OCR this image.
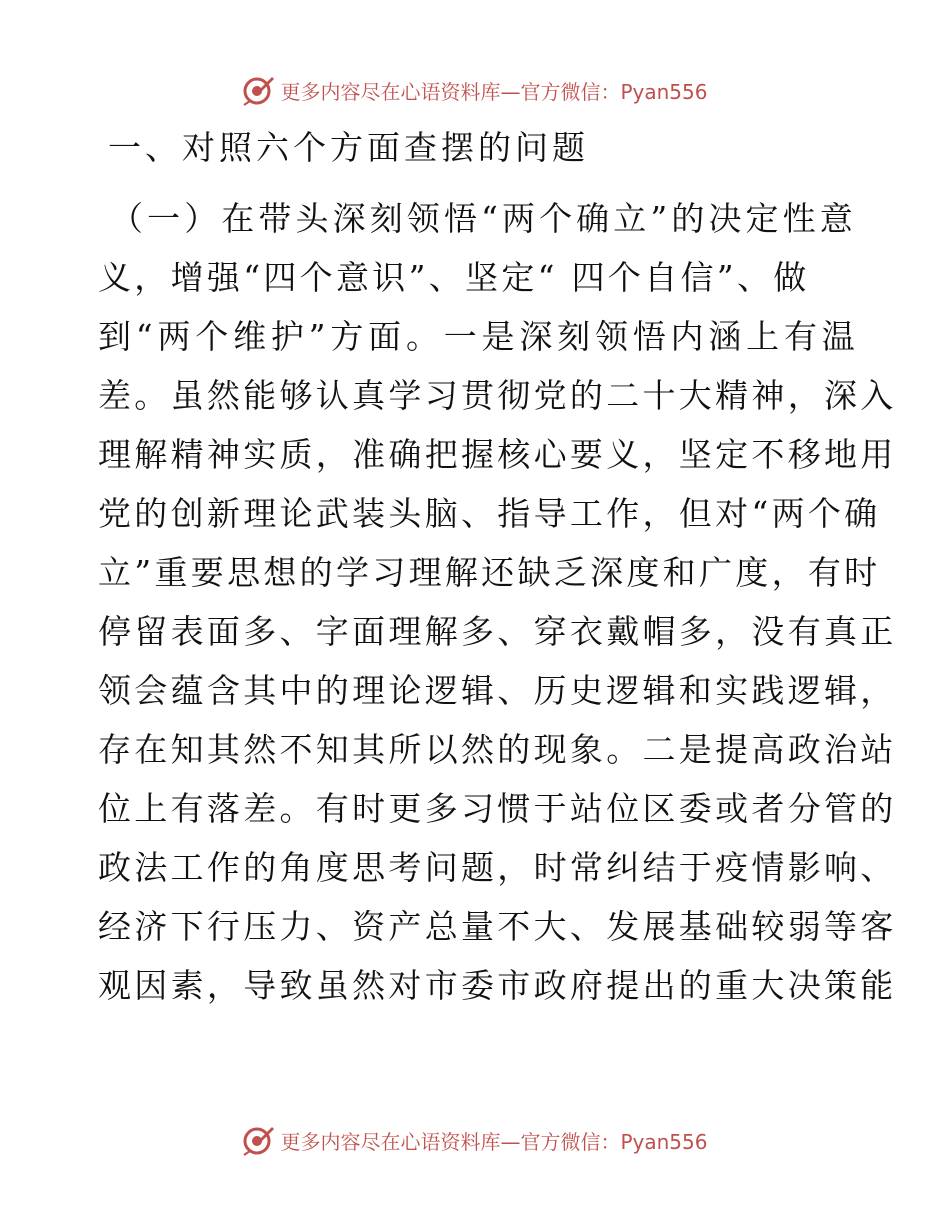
更多内容尽在心语资料库—官方微信：Pyan556
一、对照六个方面查摆的问题
（一）在带头深刻领悟“两个确立”的决定性意
义，增强“四个意识”、坚定“ 四个自信”、做
到“两个维护”方面。一是深刻领悟内涵上有温
差。虽然能够认真学习贯彻党的二十大精神，深入
理解精神实质，准确把握核心要义，坚定不移地用
党的创新理论武装头脑、指导工作，但对“两个确
立”重要思想的学习理解还缺乏深度和广度，有时
停留表面多、字面理解多、穿衣戴帽多，没有真正
领会蕴含其中的理论逻辑、历史逻辑和实践逻辑，
存在知其然不知其所以然的现象。二是提高政治站
位上有落差。有时更多习惯于站位区委或者分管的
政法工作的角度思考问题，时常纠结于疫情影响、
经济下行压力、资产总量不大、发展基础较弱等客
观因素，导致虽然对市委市政府提出的重大决策能
更多内容尽在心语资料库—官方微信：Pyan556
